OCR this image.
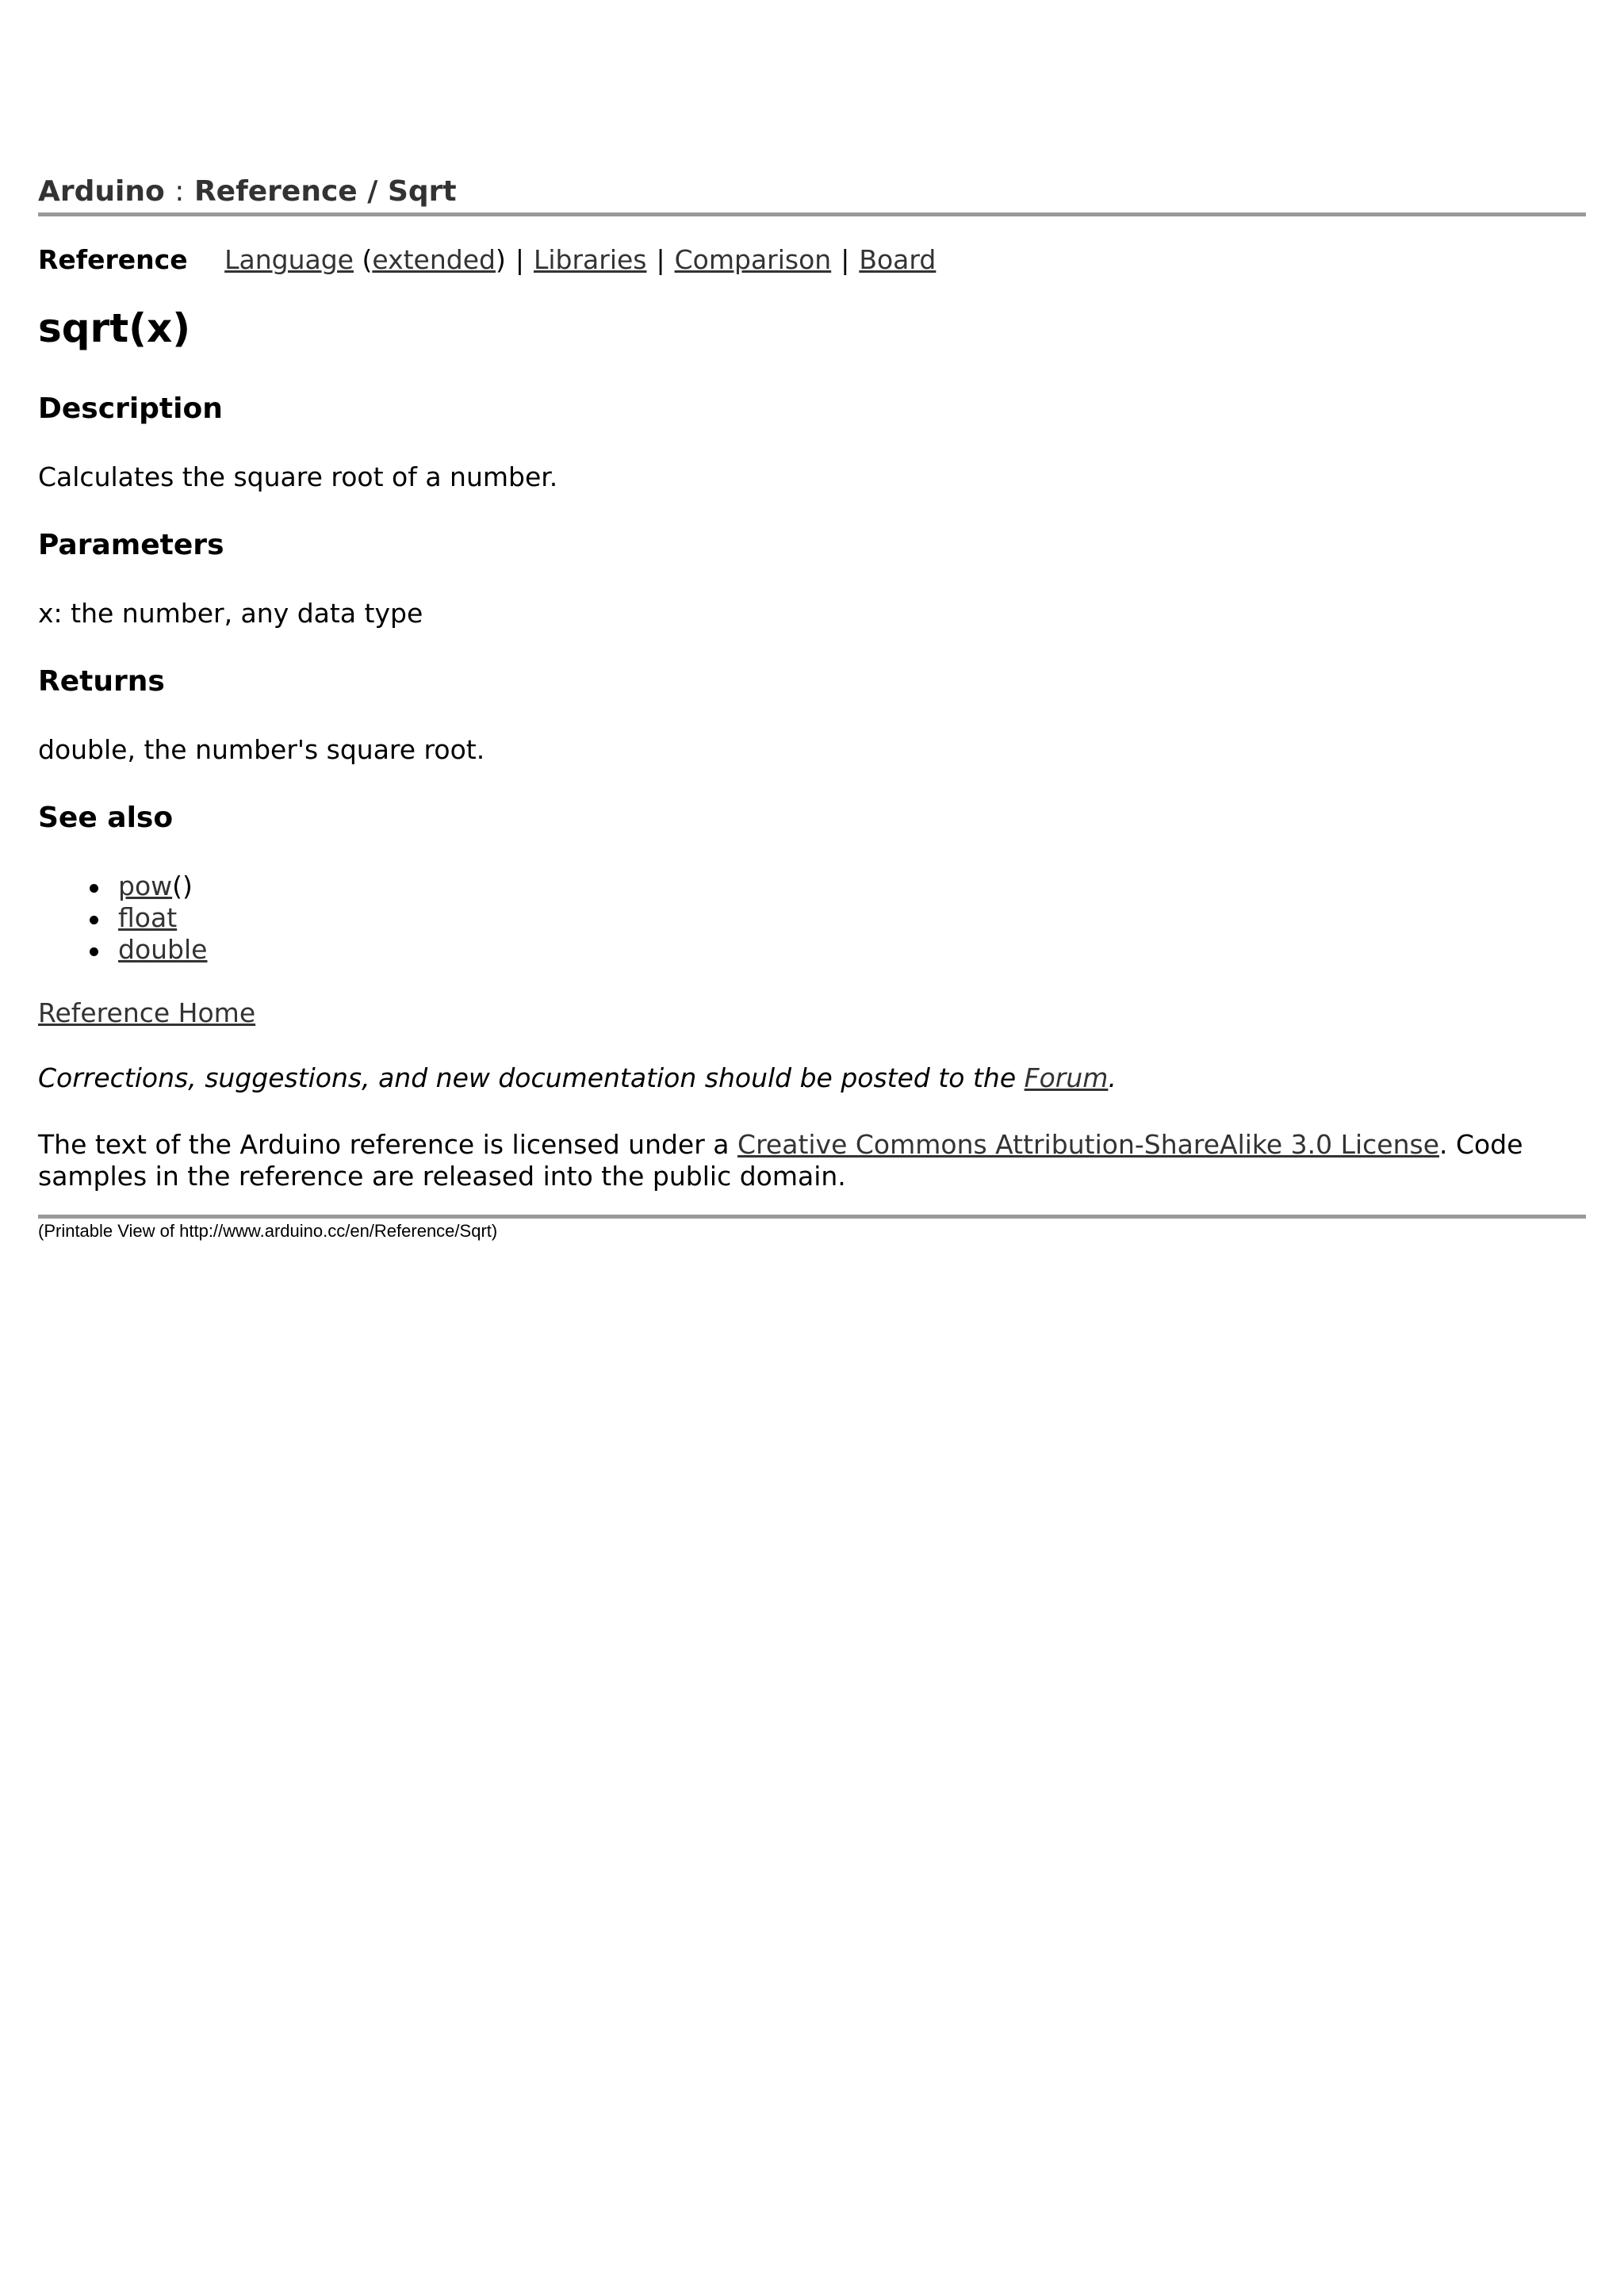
Arduino : Reference / Sqrt
Reference Language (extended) | Libraries | Comparison | Board
sqrt(x)
Description

Calculates the square root of a number.

Parameters

x: the number, any data type

Returns

double, the number's square root.

See also
pow()
float
double

Reference Home

Corrections, suggestions, and new documentation should be posted to the Forum.

The text of the Arduino reference is licensed under a Creative Commons Attribution-ShareAlike 3.0 License. Code samples in the reference are released into the public domain.

(Printable View of http://www.arduino.cc/en/Reference/Sqrt)
